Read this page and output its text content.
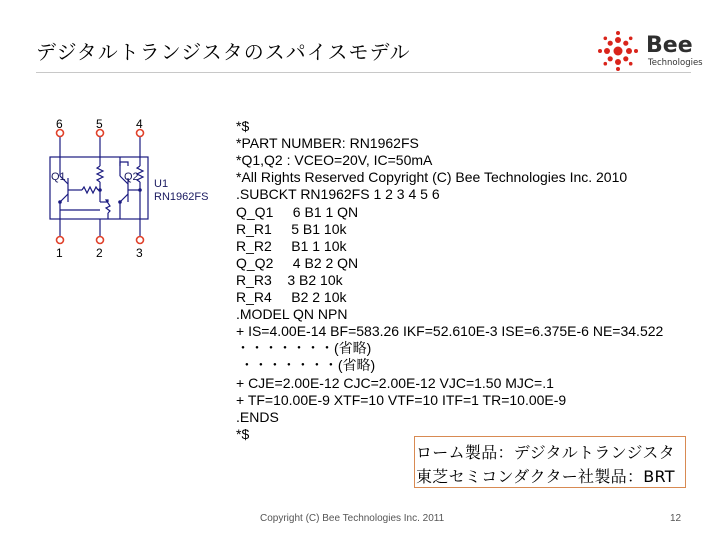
デジタルトランジスタのスパイスモデル	Bee
Technologies
6	5	4
1	2	3
Q1	Q2
U1
RN1962FS

*$
*PART NUMBER: RN1962FS
*Q1,Q2 : VCEO=20V, IC=50mA
*All Rights Reserved Copyright (C) Bee Technologies Inc. 2010
.SUBCKT RN1962FS 1 2 3 4 5 6
Q_Q1     6 B1 1 QN
R_R1     5 B1 10k
R_R2     B1 1 10k
Q_Q2     4 B2 2 QN
R_R3    3 B2 10k
R_R4     B2 2 10k
.MODEL QN NPN
+ IS=4.00E-14 BF=583.26 IKF=52.610E-3 ISE=6.375E-6 NE=34.522
・・・・・・・(省略)
・・・・・・・(省略)
+ CJE=2.00E-12 CJC=2.00E-12 VJC=1.50 MJC=.1
+ TF=10.00E-9 XTF=10 VTF=10 ITF=1 TR=10.00E-9
.ENDS
*$

ローム製品：デジタルトランジスタ
東芝セミコンダクター社製品：BRT
Copyright (C) Bee Technologies Inc. 2011	12
